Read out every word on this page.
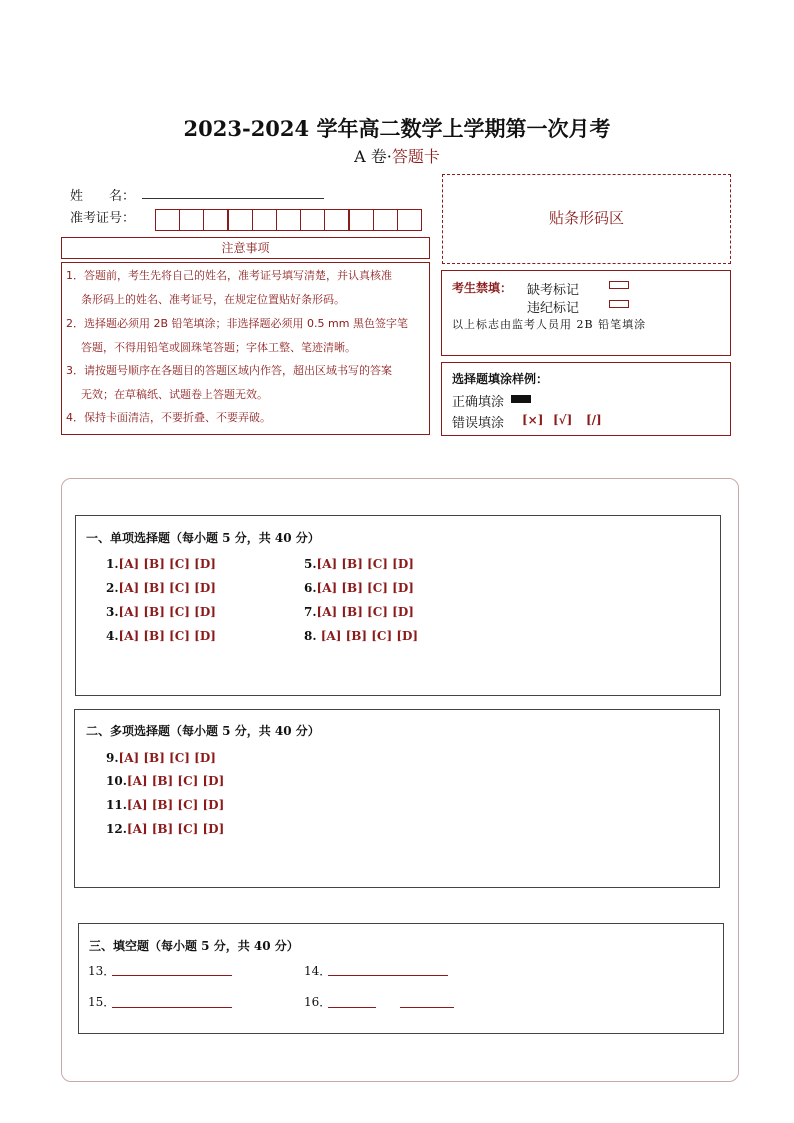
2023-2024 学年高二数学上学期第一次月考
A 卷·答题卡
姓　　名：
准考证号：	贴条形码区
注意事项
1．答题前，考生先将自己的姓名，准考证号填写清楚，并认真核准
条形码上的姓名、准考证号，在规定位置贴好条形码。
2．选择题必须用 2B 铅笔填涂；非选择题必须用 0.5 mm 黑色签字笔
答题，不得用铅笔或圆珠笔答题；字体工整、笔迹清晰。
3．请按题号顺序在各题目的答题区域内作答，超出区域书写的答案
无效；在草稿纸、试题卷上答题无效。
4．保持卡面清洁，不要折叠、不要弄破。
考生禁填： 缺考标记
违纪标记
以上标志由监考人员用 2B 铅笔填涂
选择题填涂样例：
正确填涂
错误填涂 [×] [√] [/]
一、单项选择题（每小题 5 分，共 40 分）
1.[A] [B] [C] [D]
2.[A] [B] [C] [D]
3.[A] [B] [C] [D]
4.[A] [B] [C] [D]
5.[A] [B] [C] [D]
6.[A] [B] [C] [D]
7.[A] [B] [C] [D]
8. [A] [B] [C] [D]
二、多项选择题（每小题 5 分，共 40 分）
9.[A] [B] [C] [D]
10.[A] [B] [C] [D]
11.[A] [B] [C] [D]
12.[A] [B] [C] [D]
三、填空题（每小题 5 分，共 40 分）
13．	14．
15．	16．
